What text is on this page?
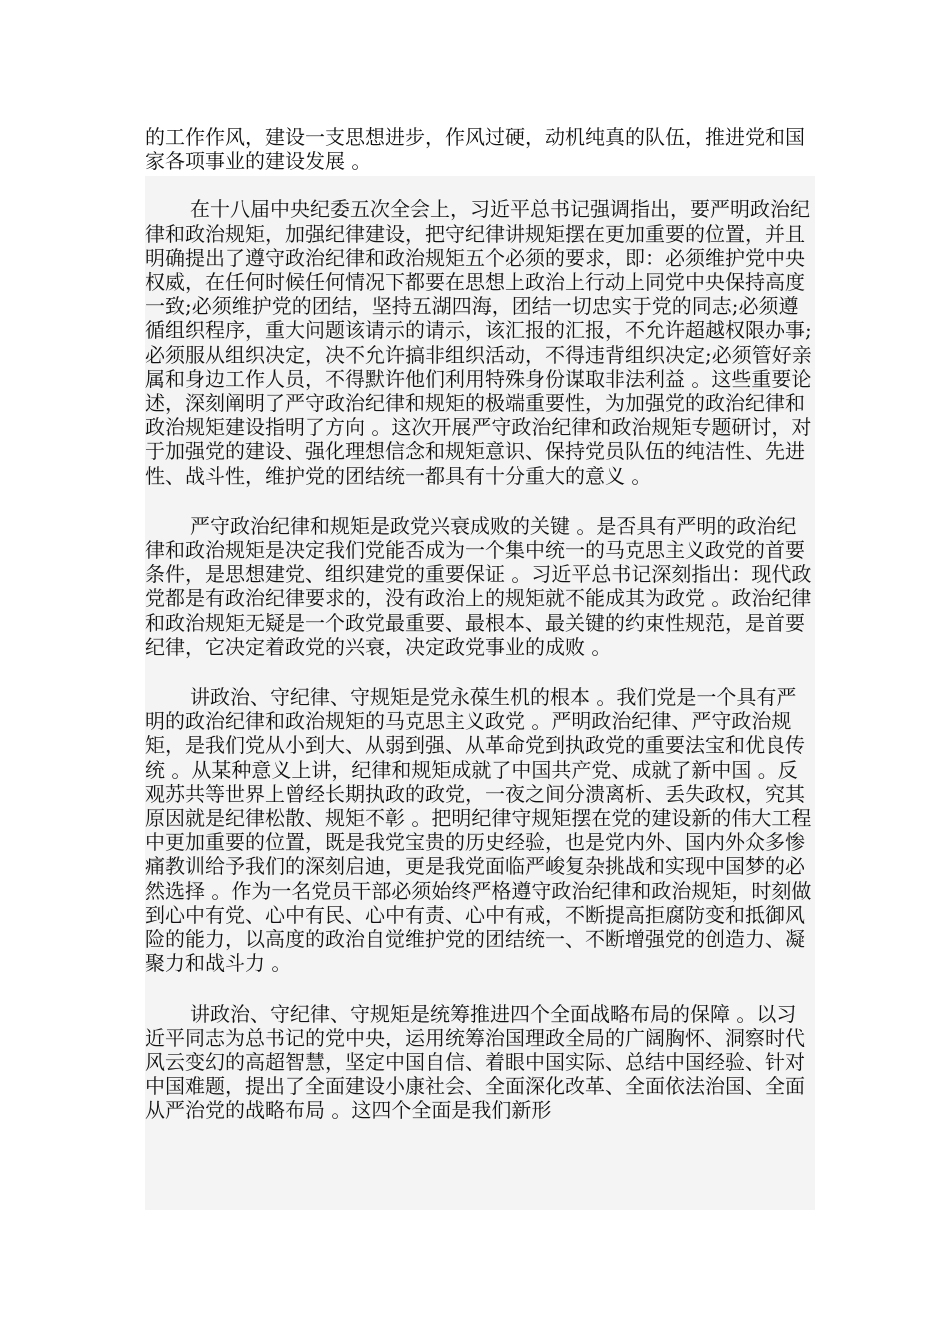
的工作作风，建设一支思想进步，作风过硬，动机纯真的队伍，推进党和国家各项事业的建设发展 。

在十八届中央纪委五次全会上，习近平总书记强调指出，要严明政治纪律和政治规矩，加强纪律建设，把守纪律讲规矩摆在更加重要的位置，并且明确提出了遵守政治纪律和政治规矩五个必须的要求，即：必须维护党中央权威，在任何时候任何情况下都要在思想上政治上行动上同党中央保持高度一致;必须维护党的团结，坚持五湖四海，团结一切忠实于党的同志;必须遵循组织程序，重大问题该请示的请示，该汇报的汇报，不允许超越权限办事;必须服从组织决定，决不允许搞非组织活动，不得违背组织决定;必须管好亲属和身边工作人员，不得默许他们利用特殊身份谋取非法利益 。这些重要论述，深刻阐明了严守政治纪律和规矩的极端重要性，为加强党的政治纪律和政治规矩建设指明了方向 。这次开展严守政治纪律和政治规矩专题研讨，对于加强党的建设、强化理想信念和规矩意识、保持党员队伍的纯洁性、先进性、战斗性，维护党的团结统一都具有十分重大的意义 。

严守政治纪律和规矩是政党兴衰成败的关键 。是否具有严明的政治纪律和政治规矩是决定我们党能否成为一个集中统一的马克思主义政党的首要条件，是思想建党、组织建党的重要保证 。习近平总书记深刻指出：现代政党都是有政治纪律要求的，没有政治上的规矩就不能成其为政党 。政治纪律和政治规矩无疑是一个政党最重要、最根本、最关键的约束性规范，是首要纪律，它决定着政党的兴衰，决定政党事业的成败 。

讲政治、守纪律、守规矩是党永葆生机的根本 。我们党是一个具有严明的政治纪律和政治规矩的马克思主义政党 。严明政治纪律、严守政治规矩，是我们党从小到大、从弱到强、从革命党到执政党的重要法宝和优良传统 。从某种意义上讲，纪律和规矩成就了中国共产党、成就了新中国 。反观苏共等世界上曾经长期执政的政党，一夜之间分溃离析、丢失政权，究其原因就是纪律松散、规矩不彰 。把明纪律守规矩摆在党的建设新的伟大工程中更加重要的位置，既是我党宝贵的历史经验，也是党内外、国内外众多惨痛教训给予我们的深刻启迪，更是我党面临严峻复杂挑战和实现中国梦的必然选择 。作为一名党员干部必须始终严格遵守政治纪律和政治规矩，时刻做到心中有党、心中有民、心中有责、心中有戒，不断提高拒腐防变和抵御风险的能力，以高度的政治自觉维护党的团结统一、不断增强党的创造力、凝聚力和战斗力 。

讲政治、守纪律、守规矩是统筹推进四个全面战略布局的保障 。以习近平同志为总书记的党中央，运用统筹治国理政全局的广阔胸怀、洞察时代风云变幻的高超智慧，坚定中国自信、着眼中国实际、总结中国经验、针对中国难题，提出了全面建设小康社会、全面深化改革、全面依法治国、全面从严治党的战略布局 。这四个全面是我们新形
